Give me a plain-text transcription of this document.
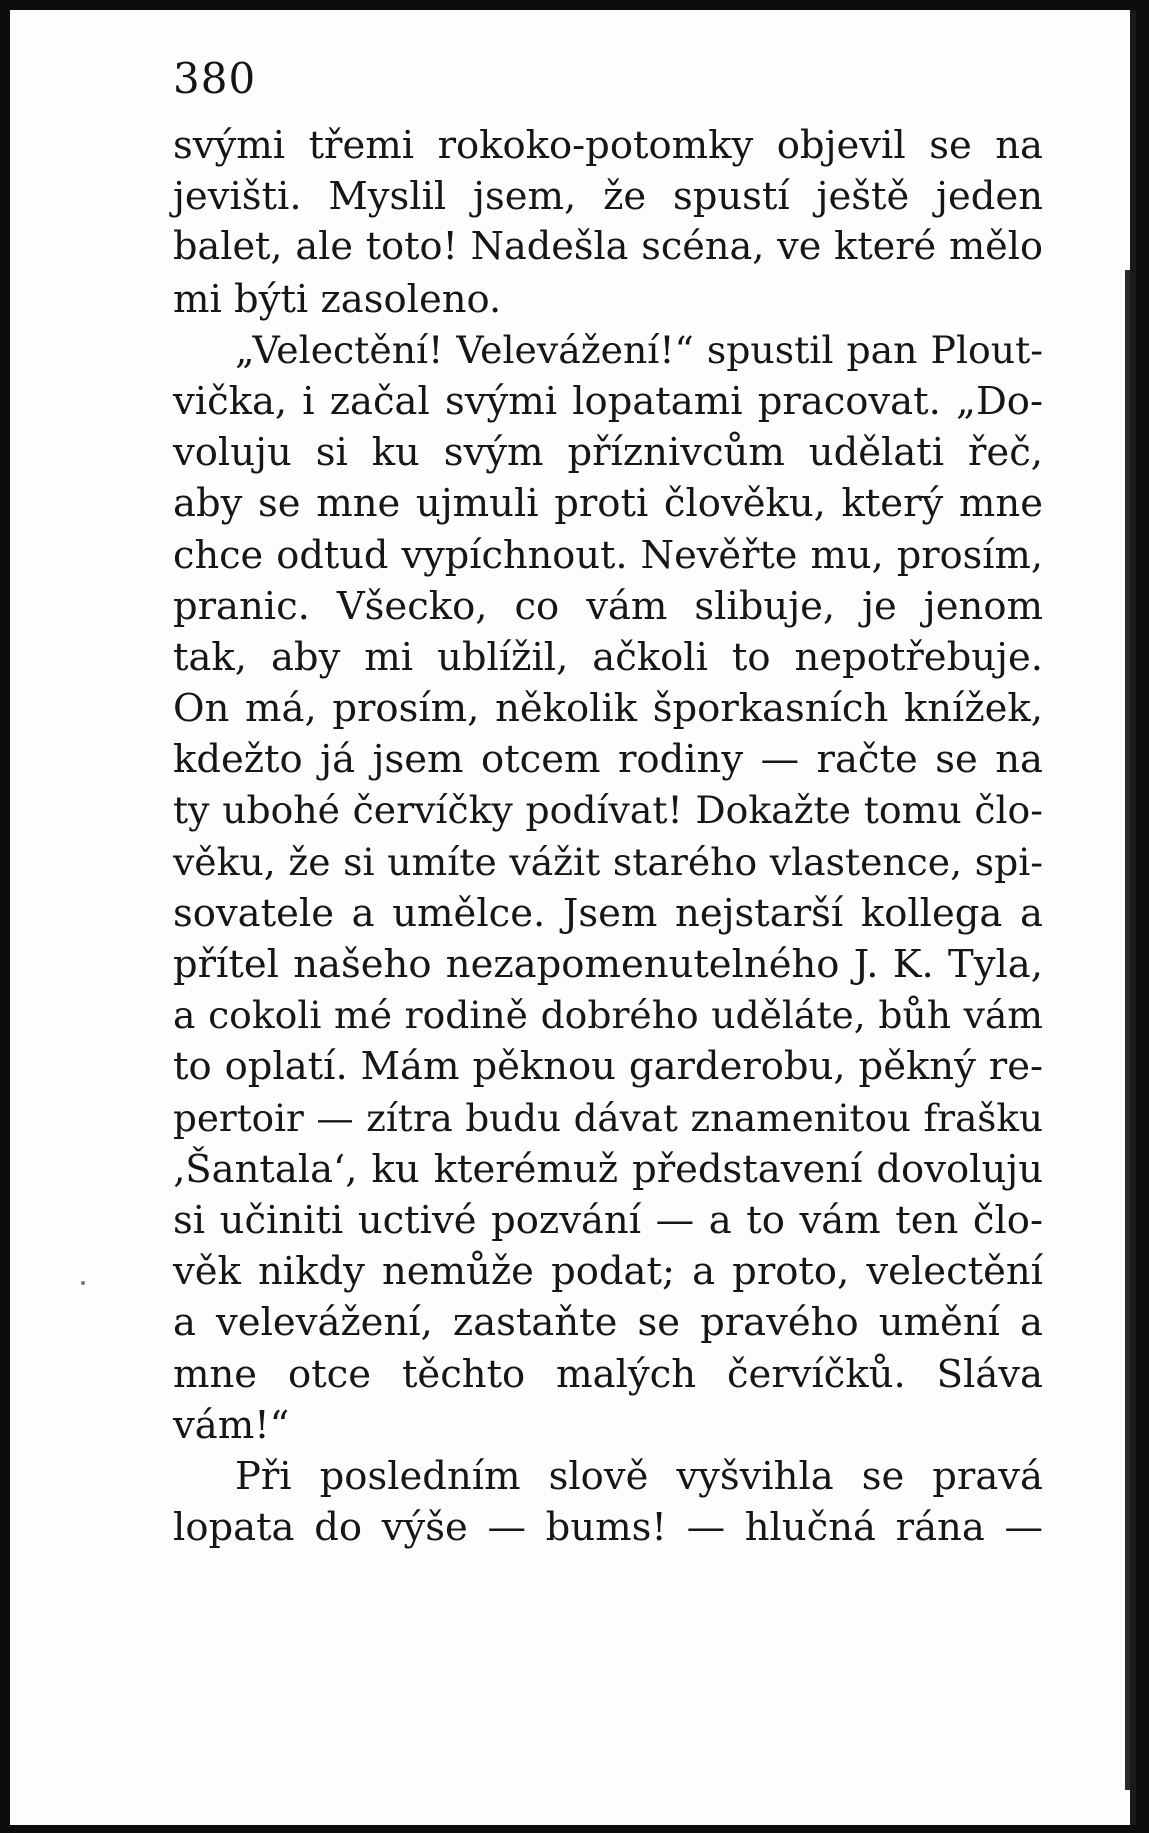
380
svými třemi rokoko-potomky objevil se na
jevišti. Myslil jsem, že spustí ještě jeden
balet, ale toto! Nadešla scéna, ve které mělo
mi býti zasoleno.
„Velectění! Velevážení!“ spustil pan Plout-
vička, i začal svými lopatami pracovat. „Do-
voluju si ku svým příznivcům udělati řeč,
aby se mne ujmuli proti člověku, který mne
chce odtud vypíchnout. Nevěřte mu, prosím,
pranic. Všecko, co vám slibuje, je jenom
tak, aby mi ublížil, ačkoli to nepotřebuje.
On má, prosím, několik šporkasních knížek,
kdežto já jsem otcem rodiny — račte se na
ty ubohé červíčky podívat! Dokažte tomu člo-
věku, že si umíte vážit starého vlastence, spi-
sovatele a umělce. Jsem nejstarší kollega a
přítel našeho nezapomenutelného J. K. Tyla,
a cokoli mé rodině dobrého uděláte, bůh vám
to oplatí. Mám pěknou garderobu, pěkný re-
pertoir — zítra budu dávat znamenitou frašku
‚Šantala‘, ku kterémuž představení dovoluju
si učiniti uctivé pozvání — a to vám ten člo-
věk nikdy nemůže podat; a proto, velectění
a velevážení, zastaňte se pravého umění a
mne otce těchto malých červíčků. Sláva
vám!“
Při posledním slově vyšvihla se pravá
lopata do výše — bums! — hlučná rána —
